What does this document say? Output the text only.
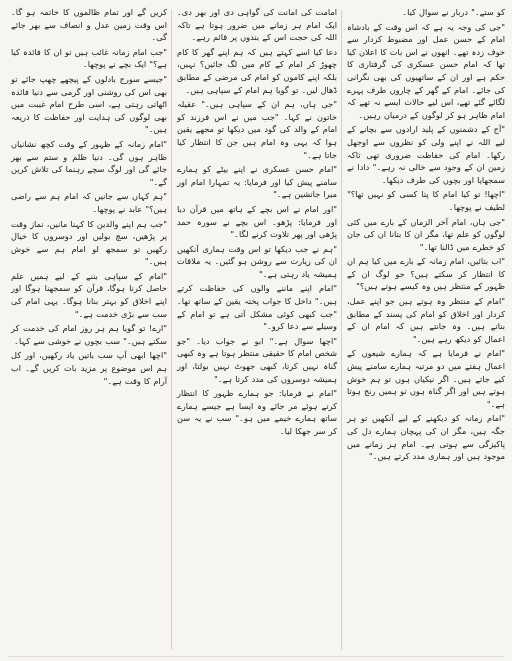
کو ستے۔" دربار نے سوال کیا۔

"جی کی وجہ یہ ہے کہ اس وقت کے بادشاہ امام کے حسن عمل اور مضبوط کردار سے خوف زدہ تھے۔ انھوں نے اس بات کا اعلان کیا تھا کہ امام حسن عسکری کی گرفتاری کا حکم ہے اور ان کے ساتھیوں کی بھی نگرانی کی جائے۔ امام کے گھر کے چاروں طرف پہرے لگائے گئے تھے، اس لیے حالات ایسے نہ تھے کہ امام ظاہر ہو کر لوگوں کے درمیان رہیں۔

"آج کے دشمنوں کے پلید ارادوں سے بچانے کے لیے اللہ نے اپنے ولی کو نظروں سے اوجھل رکھا۔ امام کی حفاظت ضروری تھی تاکہ زمین ان کے وجود سے خالی نہ رہے۔" دادا نے سمجھایا اور بچوں کی طرف دیکھا۔

"اچھا! تو کیا امام کا پتا کسی کو نہیں تھا؟" لطیف نے پوچھا۔

"جی ہاں، امام آخر الزماں کے بارے میں کئی لوگوں کو علم تھا، مگر ان کا بتانا ان کی جان کو خطرے میں ڈالنا تھا۔"

"اب بتائیں، امام زمانہ کے بارے میں کیا ہم ان کا انتظار کر سکتے ہیں؟ جو لوگ ان کے ظہور کے منتظر ہیں وہ کیسے ہوتے ہیں؟"

"امام کے منتظر وہ ہوتے ہیں جو اپنے عمل، کردار اور اخلاق کو امام کی پسند کے مطابق بناتے ہیں۔ وہ جانتے ہیں کہ امام ان کے اعمال کو دیکھ رہے ہیں۔"

"امام نے فرمایا ہے کہ ہمارے شیعوں کے اعمال ہفتے میں دو مرتبہ ہمارے سامنے پیش کیے جاتے ہیں۔ اگر نیکیاں ہوں تو ہم خوش ہوتے ہیں اور اگر گناہ ہوں تو ہمیں رنج ہوتا ہے۔"

"امام زمانہ کو دیکھنے کے لیے آنکھیں تو ہر جگہ ہیں، مگر ان کی پہچان ہمارے دل کی پاکیزگی سے ہوتی ہے۔ امام ہر زمانے میں موجود ہیں اور ہماری مدد کرتے ہیں۔"

امامت کی امانت کی گواہی دی اور بھر دی۔ ایک امام ہر زمانے میں ضرور ہوتا ہے تاکہ اللہ کی حجت اس کے بندوں پر قائم رہے۔

دعا کیا اسے کہتے ہیں کہ ہم اپنے گھر کا کام چھوڑ کر امام کے کام میں لگ جائیں؟ نہیں، بلکہ اپنے کاموں کو امام کی مرضی کے مطابق ڈھال لیں۔ تو گویا ہم امام کے سپاہی ہیں۔

"جی ہاں، ہم ان کے سپاہی ہیں۔" عقیلہ خاتون نے کہا۔ "جب میں نے اس فرزند کو امام کے والد کی گود میں دیکھا تو مجھے یقین ہوا کہ یہی وہ امام ہیں جن کا انتظار کیا جاتا ہے۔"

"امام حسن عسکری نے اپنے بیٹے کو ہمارے سامنے پیش کیا اور فرمایا: یہ تمہارا امام اور میرا جانشین ہے۔"

"اور امام نے اس بچے کے ہاتھ میں قرآن دیا اور فرمایا: پڑھو۔ اس بچے نے سورہ حمد پڑھی اور پھر تلاوت کرنے لگا۔"

"ہم نے جب دیکھا تو اس وقت ہماری آنکھیں ان کی زیارت سے روشن ہو گئیں۔ یہ ملاقات ہمیشہ یاد رہتی ہے۔"

"امام اپنے ماننے والوں کی حفاظت کرتے ہیں۔" داخل کا جواب پختہ یقین کے ساتھ تھا۔ "جب کبھی کوئی مشکل آتی ہے تو امام کے وسیلے سے دعا کرو۔"

"اچھا سوال ہے۔" ابو نے جواب دیا۔ "جو شخص امام کا حقیقی منتظر ہوتا ہے وہ کبھی گناہ نہیں کرتا، کبھی جھوٹ نہیں بولتا، اور ہمیشہ دوسروں کی مدد کرتا ہے۔"

"امام نے فرمایا: جو ہمارے ظہور کا انتظار کرتے ہوئے مر جائے وہ ایسا ہے جیسے ہمارے ساتھ ہمارے خیمے میں ہو۔" سب نے یہ سن کر سر جھکا لیا۔

کریں گے اور تمام ظالموں کا خاتمہ ہو گا۔ اس وقت زمین عدل و انصاف سے بھر جائے گی۔

"جب امام زمانہ غائب ہیں تو ان کا فائدہ کیا ہے؟" ایک بچے نے پوچھا۔

"جیسے سورج بادلوں کے پیچھے چھپ جائے تو بھی اس کی روشنی اور گرمی سے دنیا فائدہ اٹھاتی رہتی ہے، اسی طرح امام غیبت میں بھی لوگوں کی ہدایت اور حفاظت کا ذریعہ ہیں۔"

"امام زمانہ کے ظہور کے وقت کچھ نشانیاں ظاہر ہوں گی۔ دنیا ظلم و ستم سے بھر جائے گی اور لوگ سچے رہنما کی تلاش کریں گے۔"

"ہم کہاں سے جانیں کہ امام ہم سے راضی ہیں؟" عابد نے پوچھا۔

"جب ہم اپنے والدین کا کہنا مانیں، نماز وقت پر پڑھیں، سچ بولیں اور دوسروں کا خیال رکھیں تو سمجھ لو امام ہم سے خوش ہیں۔"

"امام کے سپاہی بننے کے لیے ہمیں علم حاصل کرنا ہوگا، قرآن کو سمجھنا ہوگا اور اپنے اخلاق کو بہتر بنانا ہوگا۔ یہی امام کی سب سے بڑی خدمت ہے۔"

"ارے! تو گویا ہم ہر روز امام کی خدمت کر سکتے ہیں۔" سب بچوں نے خوشی سے کہا۔

"اچھا ابھی آپ سب باتیں یاد رکھیں، اور کل ہم اس موضوع پر مزید بات کریں گے۔ اب آرام کا وقت ہے۔"
